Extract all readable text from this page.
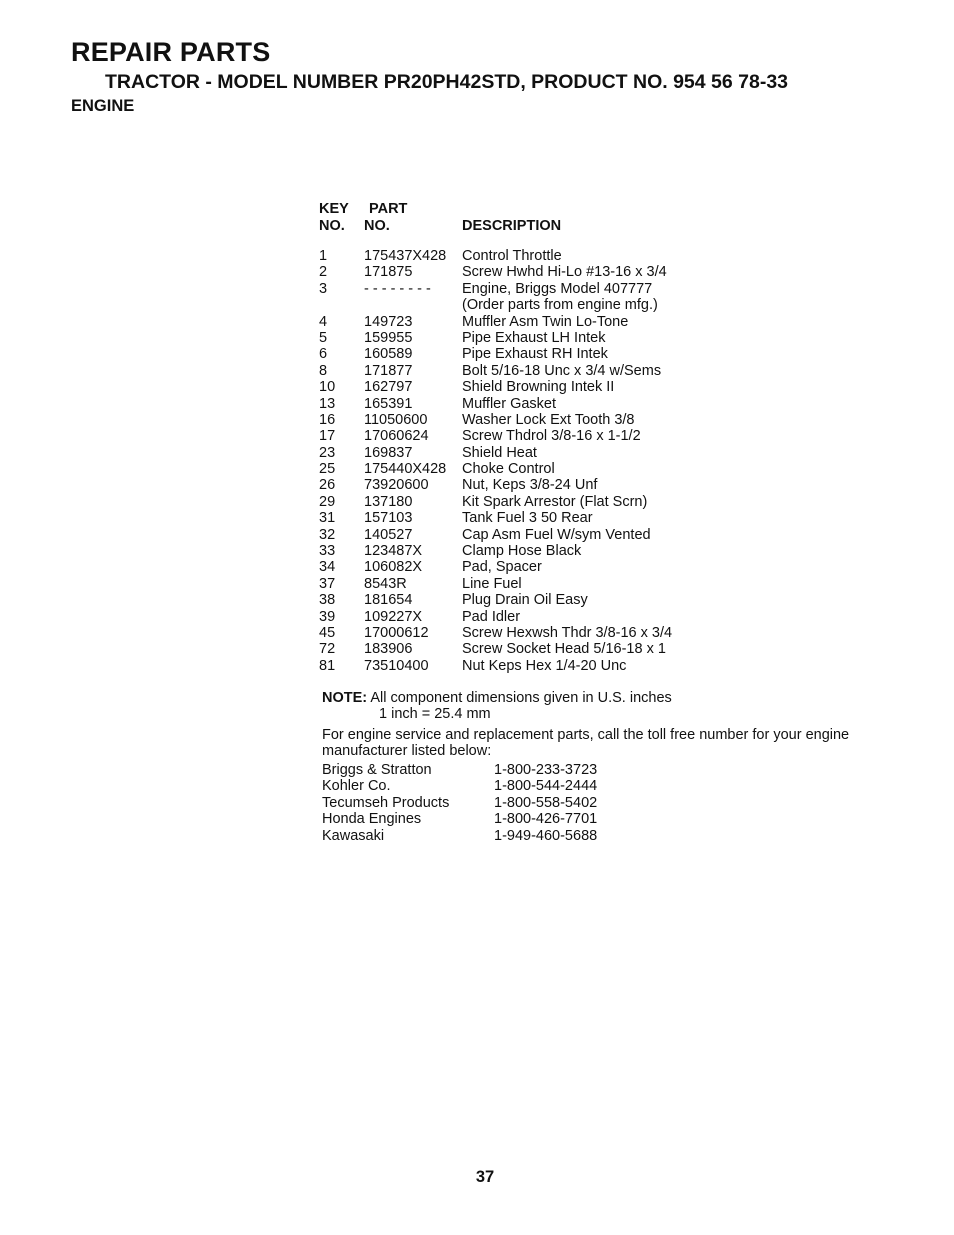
REPAIR PARTS
TRACTOR - MODEL NUMBER PR20PH42STD, PRODUCT NO. 954 56 78-33
ENGINE
KEY
NO.
PART
NO.	DESCRIPTION
1	175437X428 Control Throttle
2	171875	Screw Hwhd Hi-Lo #13-16 x 3/4
3	- - - - - - - - Engine, Briggs Model 407777
(Order parts from engine mfg.)
4	149723	Muffler Asm Twin Lo-Tone
5	159955	Pipe Exhaust LH Intek
6	160589	Pipe Exhaust RH Intek
8	171877	Bolt 5/16-18 Unc x 3/4 w/Sems
10 162797	Shield Browning Intek II
13 165391	Muffler Gasket
16 11050600 Washer Lock Ext Tooth 3/8
17 17060624 Screw Thdrol 3/8-16 x 1-1/2
23 169837	Shield Heat
25 175440X428 Choke Control
26 73920600 Nut, Keps 3/8-24 Unf
29 137180	Kit Spark Arrestor (Flat Scrn)
31 157103	Tank Fuel 3 50 Rear
32 140527	Cap Asm Fuel W/sym Vented
33 123487X	Clamp Hose Black
34 106082X	Pad, Spacer
37 8543R	Line Fuel
38 181654	Plug Drain Oil Easy
39 109227X	Pad Idler
45 17000612 Screw Hexwsh Thdr 3/8-16 x 3/4
72 183906	Screw Socket Head 5/16-18 x 1
81 73510400 Nut Keps Hex 1/4-20 Unc
NOTE: All component dimensions given in U.S. inches
1 inch = 25.4 mm
For engine service and replacement parts, call the toll free number for your engine manufacturer listed below:
Briggs & Stratton	1-800-233-3723
Kohler Co.	1-800-544-2444
Tecumseh Products	1-800-558-5402
Honda Engines	1-800-426-7701
Kawasaki	1-949-460-5688
37
